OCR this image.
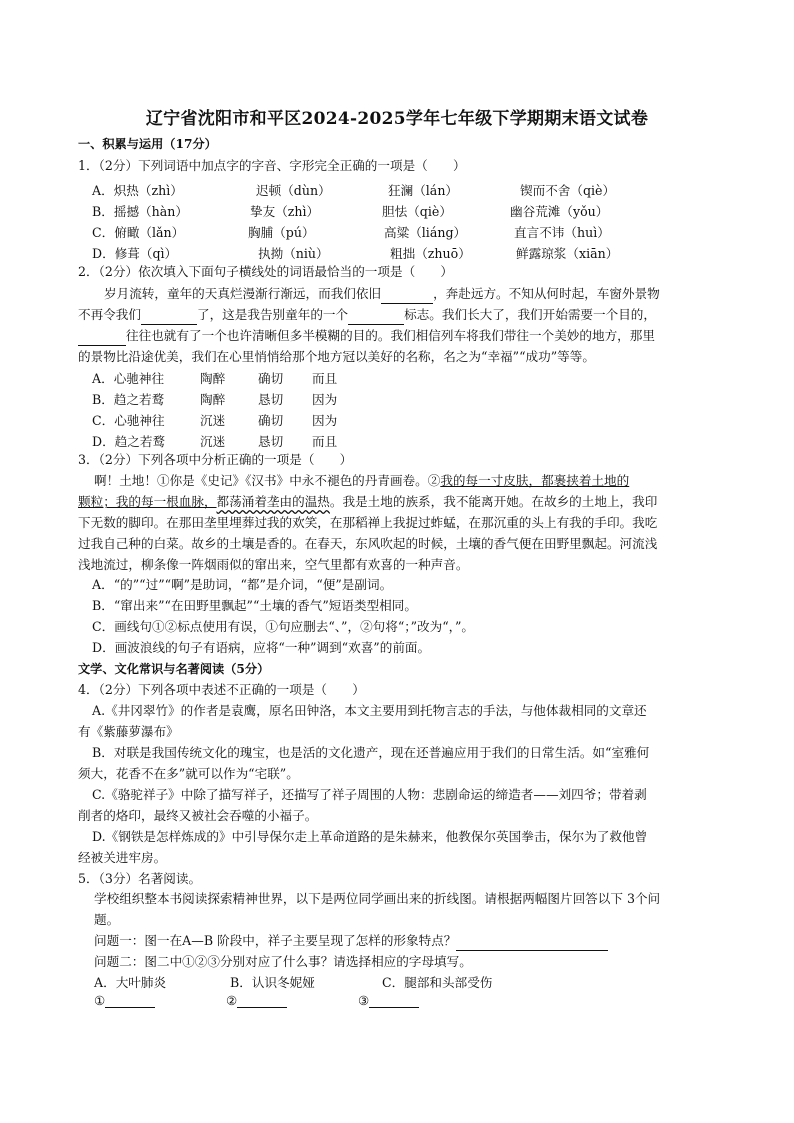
辽宁省沈阳市和平区2024-2025学年七年级下学期期末语文试卷
一、积累与运用（17分）
1．（2分）下列词语中加点字的字音、字形完全正确的一项是（　　）
A．炽热（zhì）	迟顿（dùn）	狂澜（lán）	锲而不舍（qiè）
B．摇撼（hàn）	挚友（zhì）	胆怯（qiè）	幽谷荒滩（yǒu）
C．俯瞰（lǎn）	胸脯（pú）	高粱（liáng）	直言不讳（huì）
D．修葺（qì）	执拗（niù）	粗拙（zhuō）	鲜露琼浆（xiān）
2．（2分）依次填入下面句子横线处的词语最恰当的一项是（　　）
岁月流转，童年的天真烂漫渐行渐远，而我们依旧	，奔赴远方。不知从何时起，车窗外景物
不再令我们	了，这是我告别童年的一个	标志。我们长大了，我们开始需要一个目的，
往往也就有了一个也许清晰但多半模糊的目的。我们相信列车将我们带往一个美妙的地方，那里
的景物比沿途优美，我们在心里悄悄给那个地方冠以美好的名称，名之为“幸福”“成功”等等。
A．心驰神往	陶醉	确切 而且
B．趋之若鹜	陶醉	恳切 因为
C．心驰神往	沉迷	确切 因为
D．趋之若鹜	沉迷	恳切 而且
3．（2分）下列各项中分析正确的一项是（　　）
啊！土地！①你是《史记》《汉书》中永不褪色的丹青画卷。②我的每一寸皮肤，都裹挟着土地的
颗粒；我的每一根血脉，都荡涌着垄由的温热。我是土地的族系，我不能离开她。在故乡的土地上，我印
下无数的脚印。在那田垄里埋葬过我的欢笑，在那稻禅上我捉过蚱蜢，在那沉重的头上有我的手印。我吃
过我自己种的白菜。故乡的土壤是香的。在春天，东风吹起的时候，土壤的香气便在田野里飘起。河流浅
浅地流过，柳条像一阵烟雨似的窜出来，空气里都有欢喜的一种声音。
A．“的”“过”“啊”是助词，“都”是介词，“便”是副词。
B．“窜出来”“在田野里飘起”“土壤的香气”短语类型相同。
C．画线句①②标点使用有误，①句应删去“、”，②句将“；”改为“，”。
D．画波浪线的句子有语病，应将“一种”调到“欢喜”的前面。
文学、文化常识与名著阅读（5分）
4．（2分）下列各项中表述不正确的一项是（　　）
A.《井冈翠竹》的作者是袁鹰，原名田钟洛，本文主要用到托物言志的手法，与他体裁相同的文章还
有《紫藤萝瀑布》
B．对联是我国传统文化的瑰宝，也是活的文化遗产，现在还普遍应用于我们的日常生活。如“室雅何
须大，花香不在多”就可以作为“宅联”。
C.《骆驼祥子》中除了描写祥子，还描写了祥子周围的人物：悲剧命运的缔造者——刘四爷；带着剥
削者的烙印，最终又被社会吞噬的小福子。
D.《钢铁是怎样炼成的》中引导保尔走上革命道路的是朱赫来，他教保尔英国拳击，保尔为了救他曾
经被关进牢房。
5．（3分）名著阅读。
学校组织整本书阅读探索精神世界，以下是两位同学画出来的折线图。请根据两幅图片回答以下 3个问
题。
问题一：图一在A—B 阶段中，祥子主要呈现了怎样的形象特点？
问题二：图二中①②③分别对应了什么事？请选择相应的字母填写。
A．大叶肺炎	B．认识冬妮娅	C．腿部和头部受伤
①	②	③
